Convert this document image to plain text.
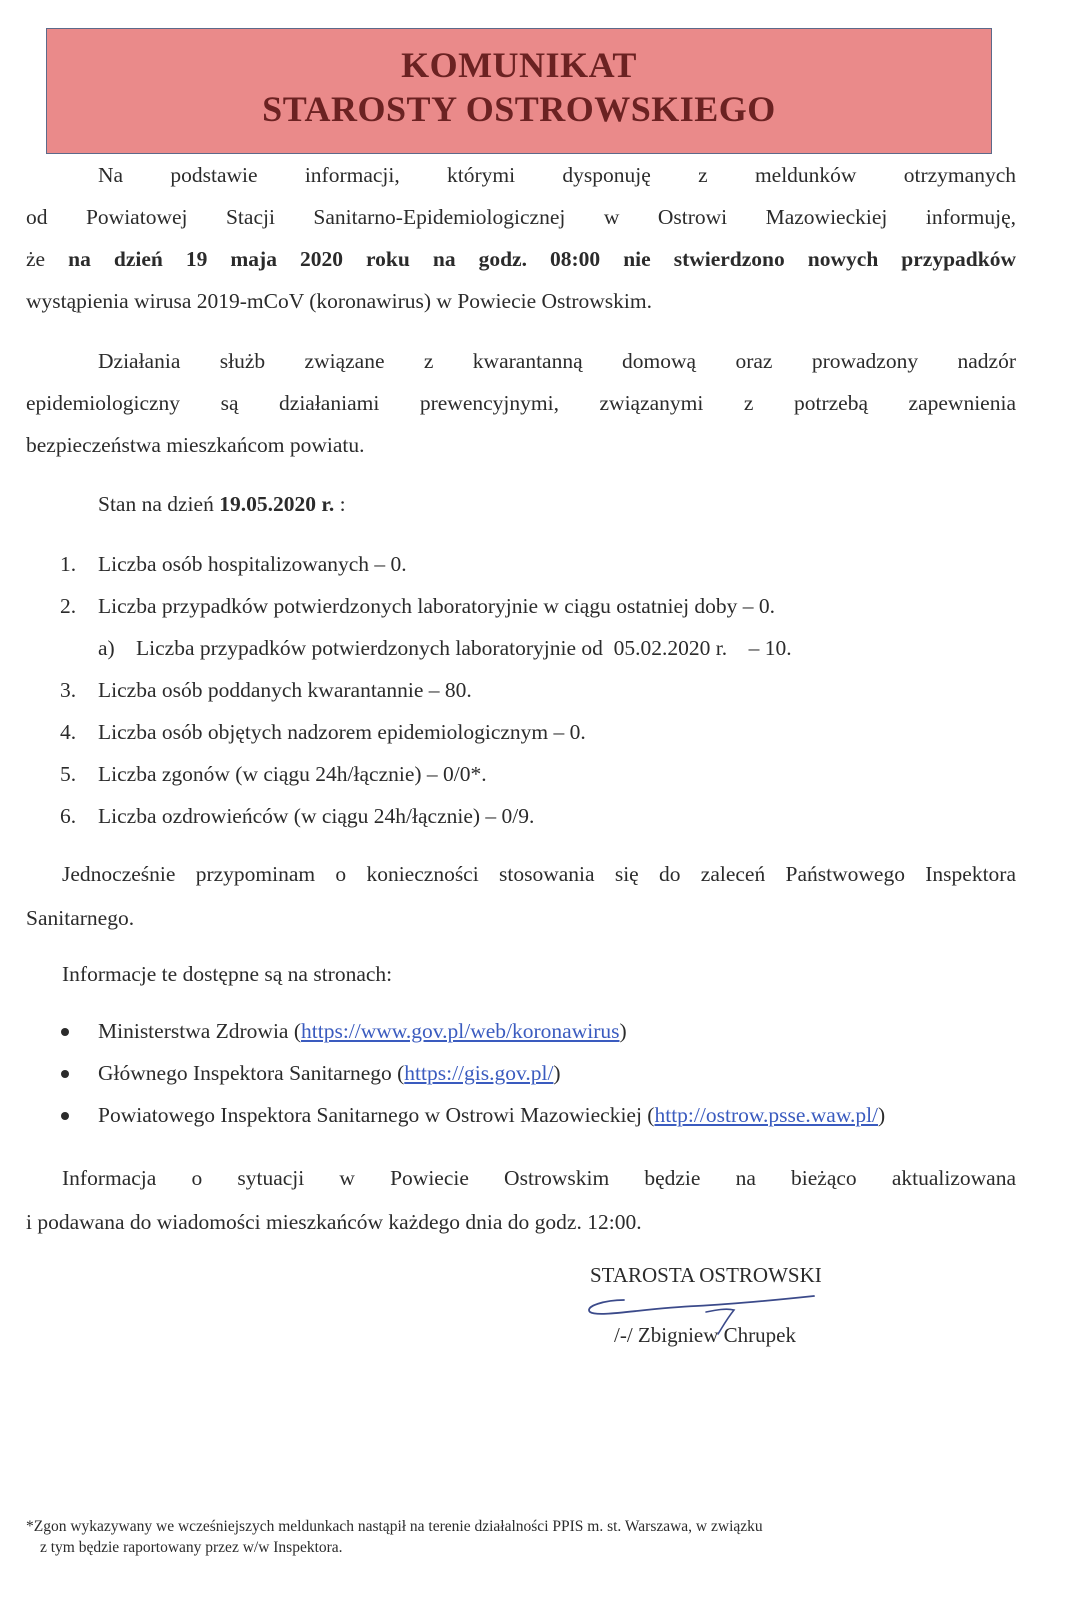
KOMUNIKAT
STAROSTY OSTROWSKIEGO
Na podstawie informacji, którymi dysponuję z meldunków otrzymanych
od Powiatowej Stacji Sanitarno-Epidemiologicznej w Ostrowi Mazowieckiej informuję,
że na dzień 19 maja 2020 roku na godz. 08:00 nie stwierdzono nowych przypadków
wystąpienia wirusa 2019-mCoV (koronawirus) w Powiecie Ostrowskim.
Działania służb związane z kwarantanną domową oraz prowadzony nadzór
epidemiologiczny są działaniami prewencyjnymi, związanymi z potrzebą zapewnienia
bezpieczeństwa mieszkańcom powiatu.
Stan na dzień 19.05.2020 r. :
1.	Liczba osób hospitalizowanych – 0.
2.	Liczba przypadków potwierdzonych laboratoryjnie w ciągu ostatniej doby – 0.
a) Liczba przypadków potwierdzonych laboratoryjnie od  05.02.2020 r.    – 10.
3.	Liczba osób poddanych kwarantannie – 80.
4.	Liczba osób objętych nadzorem epidemiologicznym – 0.
5.	Liczba zgonów (w ciągu 24h/łącznie) – 0/0*.
6.	Liczba ozdrowieńców (w ciągu 24h/łącznie) – 0/9.
Jednocześnie przypominam o konieczności stosowania się do zaleceń Państwowego Inspektora
Sanitarnego.
Informacje te dostępne są na stronach:
Ministerstwa Zdrowia (https://www.gov.pl/web/koronawirus)
Głównego Inspektora Sanitarnego (https://gis.gov.pl/)
Powiatowego Inspektora Sanitarnego w Ostrowi Mazowieckiej (http://ostrow.psse.waw.pl/)
Informacja o sytuacji w Powiecie Ostrowskim będzie na bieżąco aktualizowana
i podawana do wiadomości mieszkańców każdego dnia do godz. 12:00.
STAROSTA OSTROWSKI
/-/ Zbigniew Chrupek
*Zgon wykazywany we wcześniejszych meldunkach nastąpił na terenie działalności PPIS m. st. Warszawa, w związku
z tym będzie raportowany przez w/w Inspektora.
